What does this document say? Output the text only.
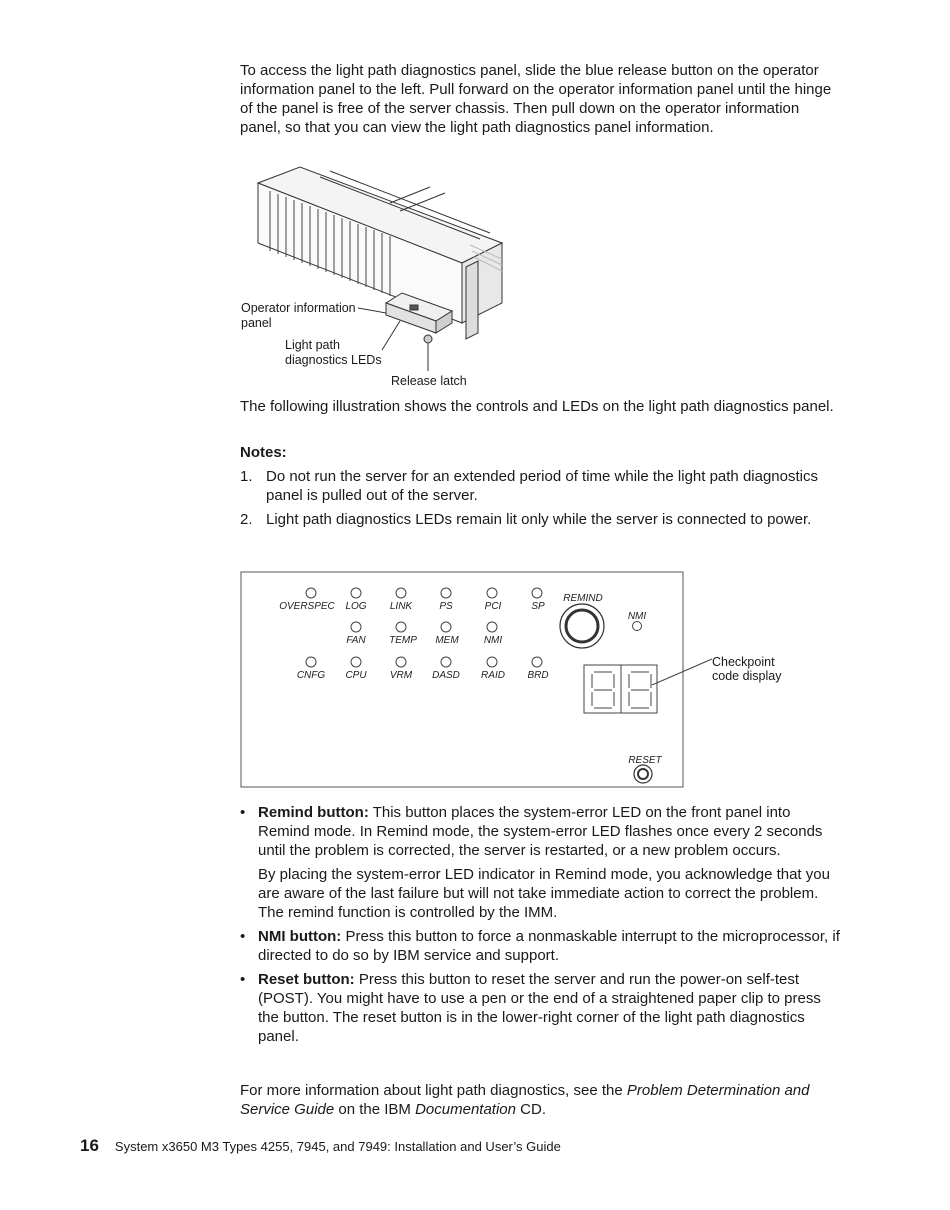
To access the light path diagnostics panel, slide the blue release button on the operator information panel to the left. Pull forward on the operator information panel until the hinge of the panel is free of the server chassis. Then pull down on the operator information panel, so that you can view the light path diagnostics panel information.

Operator information
panel
Light path
diagnostics LEDs
Release latch

The following illustration shows the controls and LEDs on the light path diagnostics panel.

Notes:

1. Do not run the server for an extended period of time while the light path diagnostics panel is pulled out of the server.
2. Light path diagnostics LEDs remain lit only while the server is connected to power.
OVERSPEC LOG LINK	PS	PCI	SP
FAN TEMP MEM	NMI
CNFG CPU VRM DASD RAID BRD
REMIND
NMI
RESET
Checkpoint
code display
• Remind button: This button places the system-error LED on the front panel into Remind mode. In Remind mode, the system-error LED flashes once every 2 seconds until the problem is corrected, the server is restarted, or a new problem occurs.

By placing the system-error LED indicator in Remind mode, you acknowledge that you are aware of the last failure but will not take immediate action to correct the problem. The remind function is controlled by the IMM.

• NMI button: Press this button to force a nonmaskable interrupt to the microprocessor, if directed to do so by IBM service and support.

• Reset button: Press this button to reset the server and run the power-on self-test (POST). You might have to use a pen or the end of a straightened paper clip to press the button. The reset button is in the lower-right corner of the light path diagnostics panel.

For more information about light path diagnostics, see the Problem Determination and Service Guide on the IBM Documentation CD.

16 System x3650 M3 Types 4255, 7945, and 7949: Installation and User’s Guide
